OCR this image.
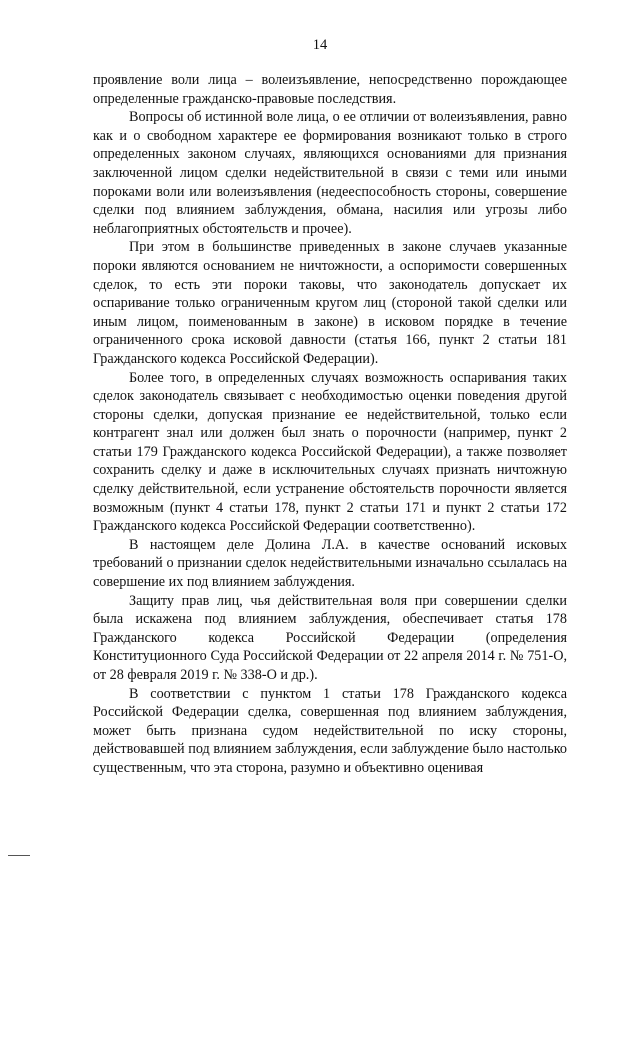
14

проявление воли лица – волеизъявление, непосредственно порождающее определенные гражданско-правовые последствия.

Вопросы об истинной воле лица, о ее отличии от волеизъявления, равно как и о свободном характере ее формирования возникают только в строго определенных законом случаях, являющихся основаниями для признания заключенной лицом сделки недействительной в связи с теми или иными пороками воли или волеизъявления (недееспособность стороны, совершение сделки под влиянием заблуждения, обмана, насилия или угрозы либо неблагоприятных обстоятельств и прочее).

При этом в большинстве приведенных в законе случаев указанные пороки являются основанием не ничтожности, а оспоримости совершенных сделок, то есть эти пороки таковы, что законодатель допускает их оспаривание только ограниченным кругом лиц (стороной такой сделки или иным лицом, поименованным в законе) в исковом порядке в течение ограниченного срока исковой давности (статья 166, пункт 2 статьи 181 Гражданского кодекса Российской Федерации).

Более того, в определенных случаях возможность оспаривания таких сделок законодатель связывает с необходимостью оценки поведения другой стороны сделки, допуская признание ее недействительной, только если контрагент знал или должен был знать о порочности (например, пункт 2 статьи 179 Гражданского кодекса Российской Федерации), а также позволяет сохранить сделку и даже в исключительных случаях признать ничтожную сделку действительной, если устранение обстоятельств порочности является возможным (пункт 4 статьи 178, пункт 2 статьи 171 и пункт 2 статьи 172 Гражданского кодекса Российской Федерации соответственно).

В настоящем деле Долина Л.А. в качестве оснований исковых требований о признании сделок недействительными изначально ссылалась на совершение их под влиянием заблуждения.

Защиту прав лиц, чья действительная воля при совершении сделки была искажена под влиянием заблуждения, обеспечивает статья 178 Гражданского кодекса Российской Федерации (определения Конституционного Суда Российской Федерации от 22 апреля 2014 г. № 751-О, от 28 февраля 2019 г. № 338-О и др.).

В соответствии с пунктом 1 статьи 178 Гражданского кодекса Российской Федерации сделка, совершенная под влиянием заблуждения, может быть признана судом недействительной по иску стороны, действовавшей под влиянием заблуждения, если заблуждение было настолько существенным, что эта сторона, разумно и объективно оценивая
